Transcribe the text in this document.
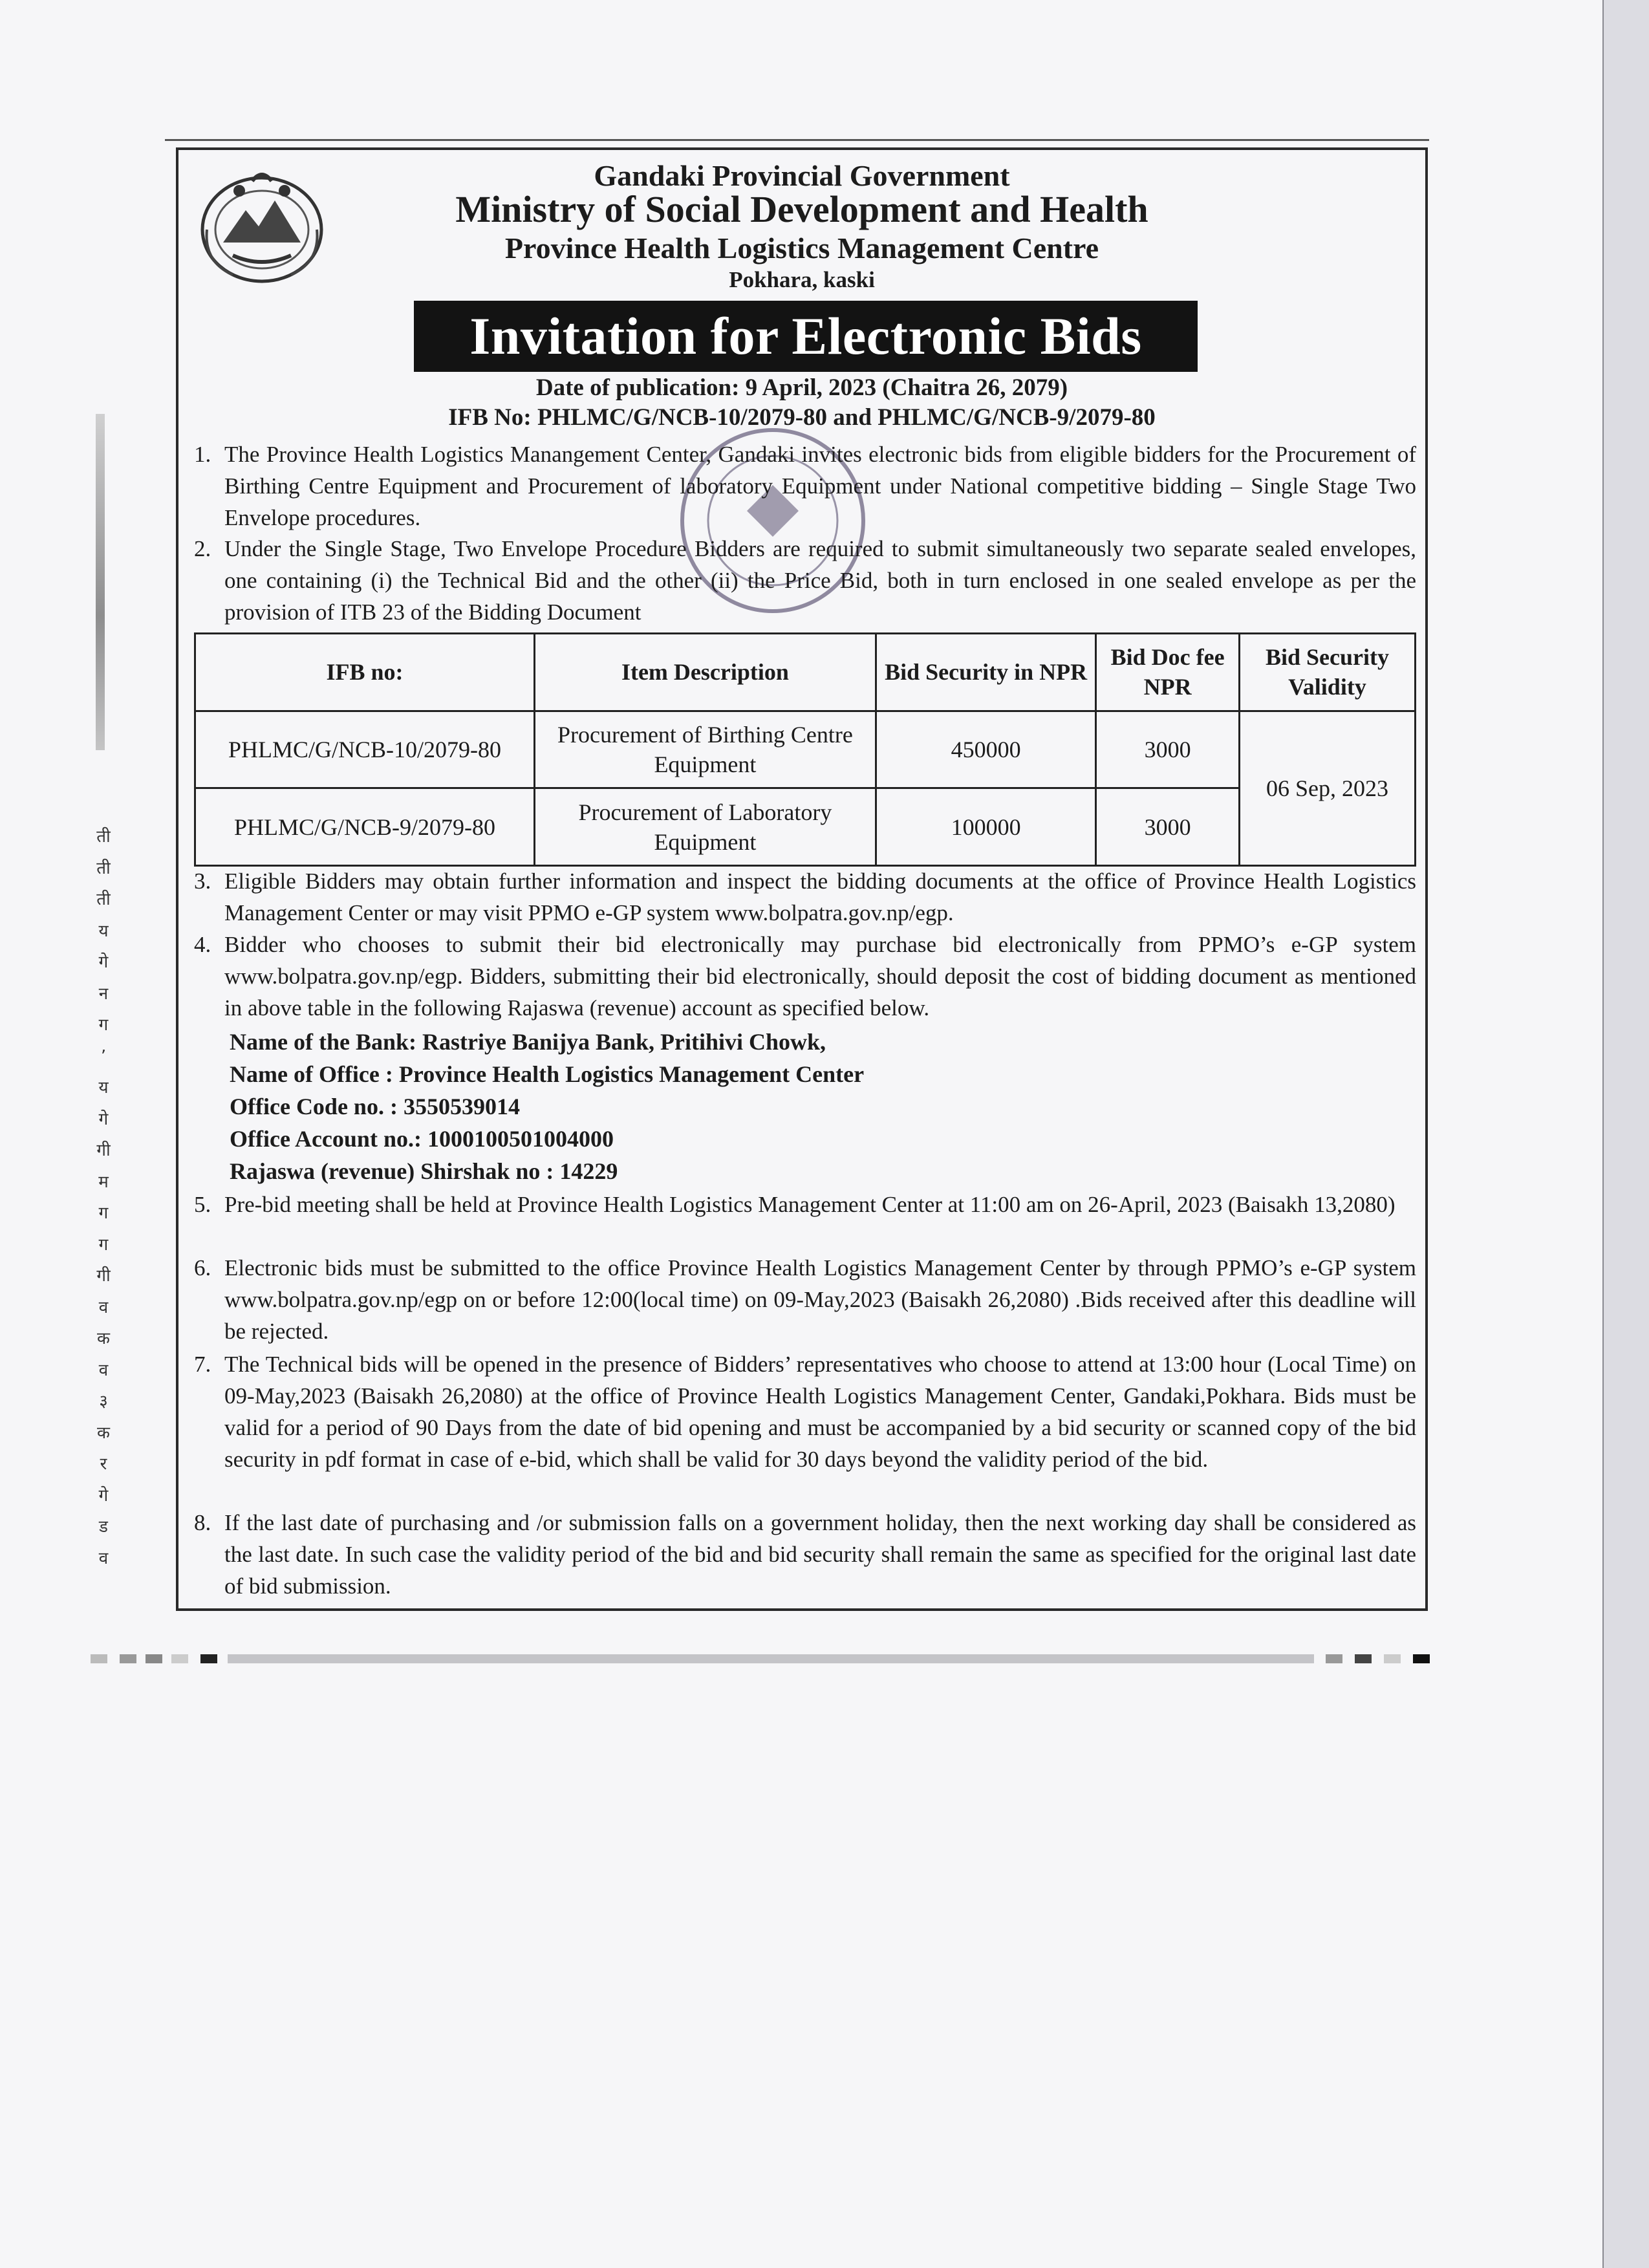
ती
ती
ती
य
गे
न
ग
’
य
गे
गी
म
ग
ग
गी
व
क
व
३
क
र
गे
ड
व
Gandaki Provincial Government
Ministry of Social Development and Health
Province Health Logistics Management Centre
Pokhara, kaski
Invitation for Electronic Bids
Date of publication: 9 April, 2023 (Chaitra 26, 2079)
IFB No: PHLMC/G/NCB-10/2079-80 and PHLMC/G/NCB-9/2079-80
1. The Province Health Logistics Manangement Center, Gandaki invites electronic bids from eligible bidders for the Procurement of Birthing Centre Equipment and Procurement of laboratory Equipment under National competitive bidding – Single Stage Two Envelope procedures.
2. Under the Single Stage, Two Envelope Procedure Bidders are required to submit simultaneously two separate sealed envelopes, one containing (i) the Technical Bid and the other (ii) the Price Bid, both in turn enclosed in one sealed envelope as per the provision of ITB 23 of the Bidding Document
IFB no:	Item Description	Bid Security in NPR	Bid Doc fee NPR	Bid Security Validity
PHLMC/G/NCB-10/2079-80	Procurement of Birthing Centre Equipment	450000	3000	06 Sep, 2023
PHLMC/G/NCB-9/2079-80	Procurement of Laboratory Equipment	100000	3000	
3. Eligible Bidders may obtain further information and inspect the bidding documents at the office of Province Health Logistics Management Center or may visit PPMO e-GP system www.bolpatra.gov.np/egp.
4. Bidder who chooses to submit their bid electronically may purchase bid electronically from PPMO’s e-GP system www.bolpatra.gov.np/egp. Bidders, submitting their bid electronically, should deposit the cost of bidding document as mentioned in above table in the following Rajaswa (revenue) account as specified below.
Name of the Bank: Rastriye Banijya Bank, Pritihivi Chowk,
Name of Office : Province Health Logistics Management Center
Office Code no. : 3550539014
Office Account no.: 1000100501004000
Rajaswa (revenue) Shirshak no : 14229
5. Pre-bid meeting shall be held at Province Health Logistics Management Center at 11:00 am on 26-April, 2023 (Baisakh 13,2080)
6. Electronic bids must be submitted to the office Province Health Logistics Management Center by through PPMO’s e-GP system www.bolpatra.gov.np/egp on or before 12:00(local time) on 09-May,2023 (Baisakh 26,2080) .Bids received after this deadline will be rejected.
7. The Technical bids will be opened in the presence of Bidders’ representatives who choose to attend at 13:00 hour (Local Time) on 09-May,2023 (Baisakh 26,2080) at the office of Province Health Logistics Management Center, Gandaki,Pokhara. Bids must be valid for a period of 90 Days from the date of bid opening and must be accompanied by a bid security or scanned copy of the bid security in pdf format in case of e-bid, which shall be valid for 30 days beyond the validity period of the bid.
8. If the last date of purchasing and /or submission falls on a government holiday, then the next working day shall be considered as the last date. In such case the validity period of the bid and bid security shall remain the same as specified for the original last date of bid submission.
